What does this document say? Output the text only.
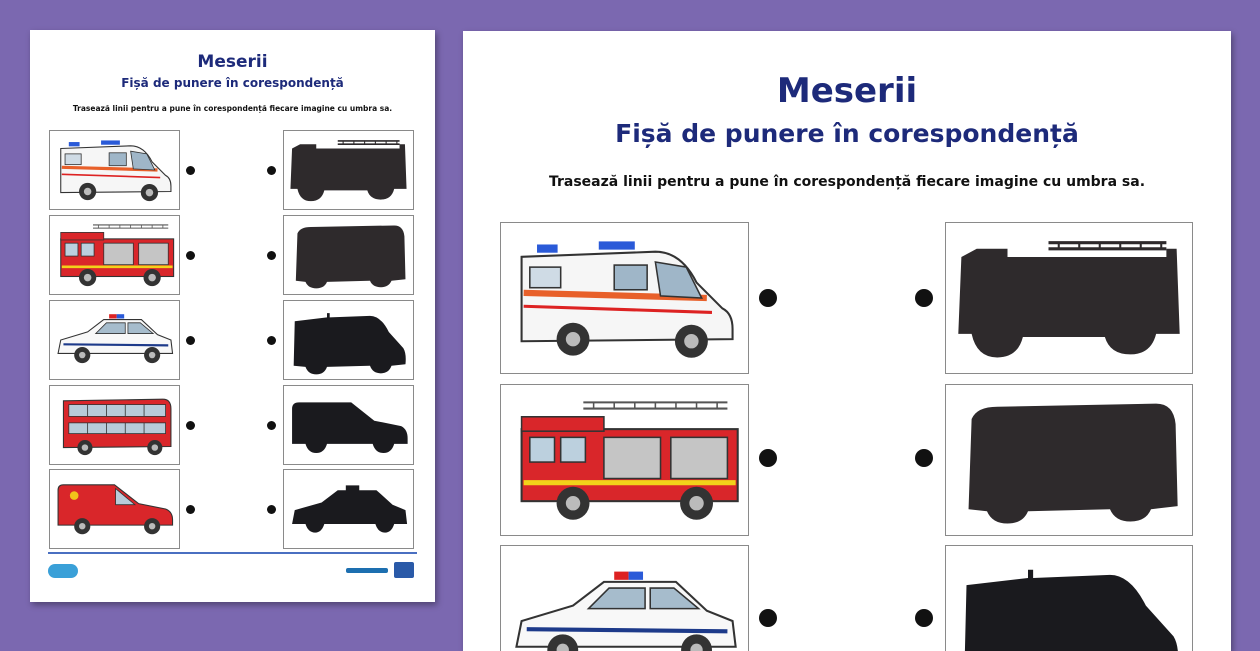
Meserii
Fișă de punere în corespondență

Trasează linii pentru a pune în corespondență fiecare imagine cu umbra sa.	Meserii
Fișă de punere în corespondență

Trasează linii pentru a pune în corespondență fiecare imagine cu umbra sa.
